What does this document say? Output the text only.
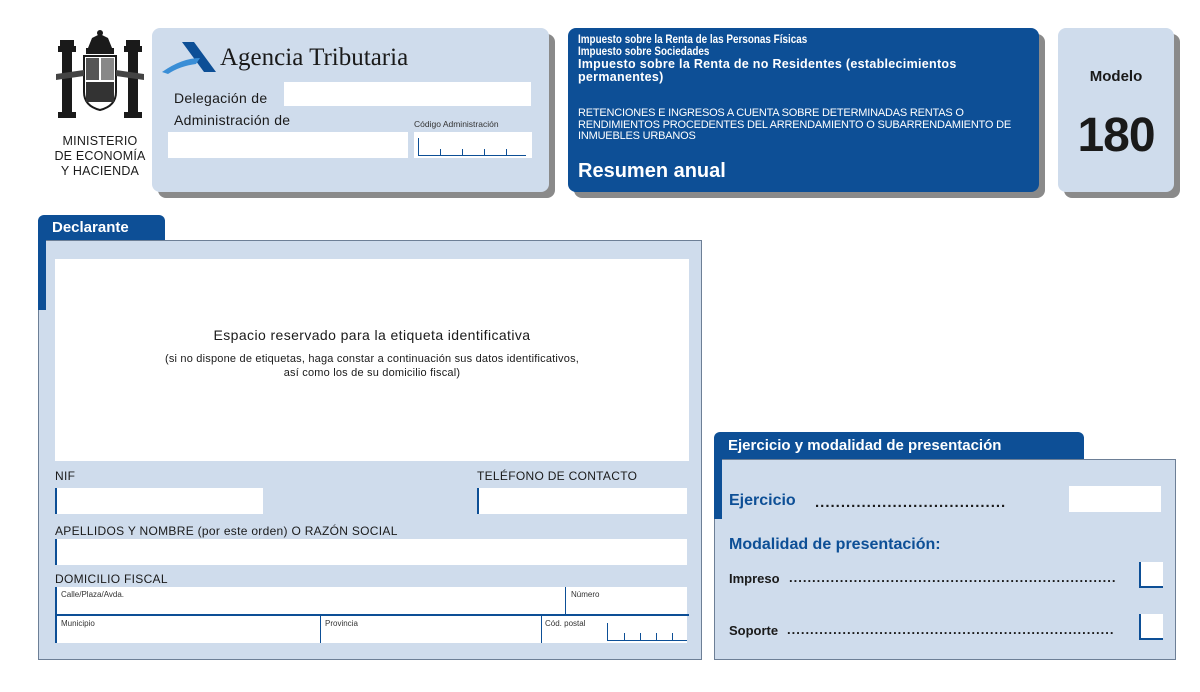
MINISTERIO
DE ECONOMÍA
Y HACIENDA
Agencia Tributaria
Delegación de
Administración de	Código Administración
Impuesto sobre la Renta de las Personas Físicas
Impuesto sobre Sociedades
Impuesto sobre la Renta de no Residentes (establecimientos permanentes)
RETENCIONES E INGRESOS A CUENTA SOBRE DETERMINADAS RENTAS O RENDIMIENTOS PROCEDENTES DEL ARRENDAMIENTO O SUBARRENDAMIENTO DE INMUEBLES URBANOS
Resumen anual
Modelo
180
Declarante
Espacio reservado para la etiqueta identificativa
(si no dispone de etiquetas, haga constar a continuación sus datos identificativos,
así como los de su domicilio fiscal)
NIF	TELÉFONO DE CONTACTO
APELLIDOS Y NOMBRE (por este orden) O RAZÓN SOCIAL
DOMICILIO FISCAL
Calle/Plaza/Avda.	Número
Municipio	Provincia	Cód. postal
Ejercicio y modalidad de presentación
Ejercicio .....................................
Modalidad de presentación:
Impreso .......................................................................
Soporte .......................................................................
